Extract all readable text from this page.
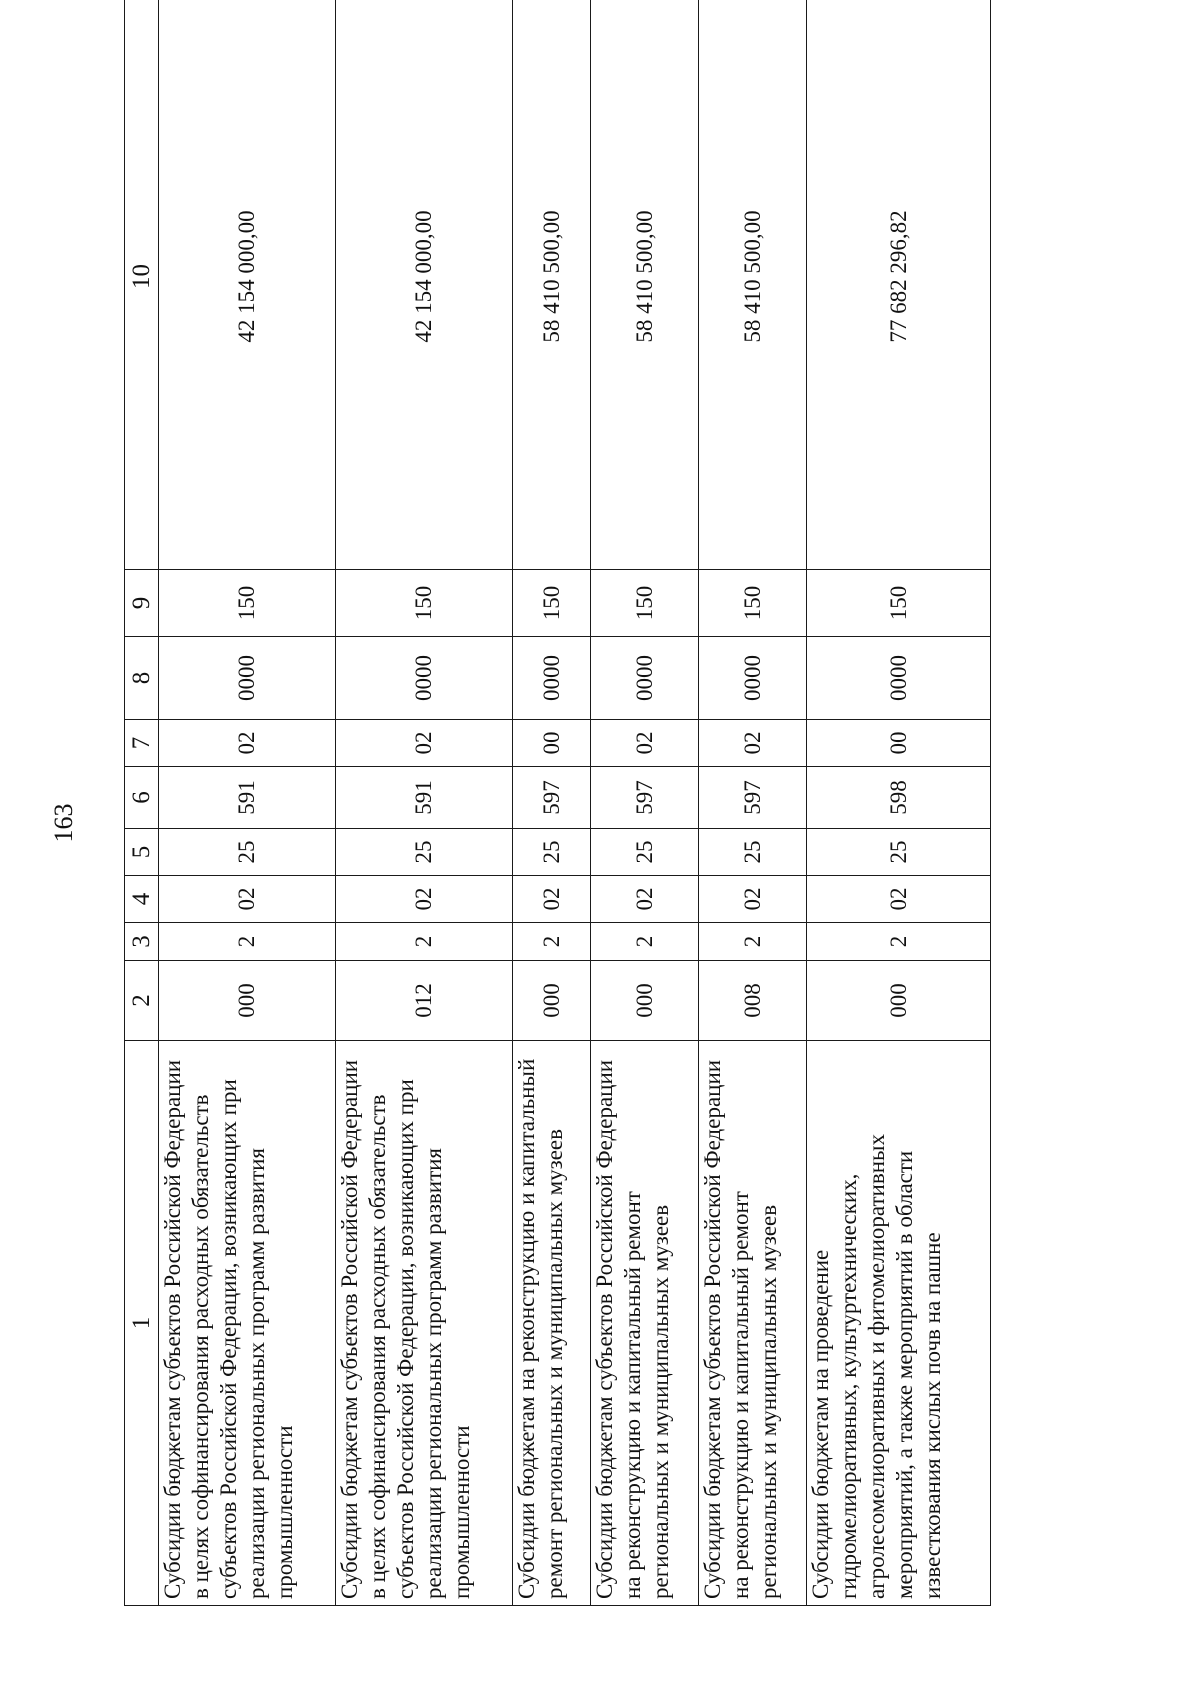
163
1	2	3	4	5	6	7	8	9	10
Субсидии бюджетам субъектов Российской Федерации в целях софинансирования расходных обязательств субъектов Российской Федерации, возникающих при реализации региональных программ развития промышленности	000	2	02	25	591	02	0000	150	42 154 000,00
Субсидии бюджетам субъектов Российской Федерации в целях софинансирования расходных обязательств субъектов Российской Федерации, возникающих при реализации региональных программ развития промышленности	012	2	02	25	591	02	0000	150	42 154 000,00
Субсидии бюджетам на реконструкцию и капитальный ремонт региональных и муниципальных музеев	000	2	02	25	597	00	0000	150	58 410 500,00
Субсидии бюджетам субъектов Российской Федерации на реконструкцию и капитальный ремонт региональных и муниципальных музеев	000	2	02	25	597	02	0000	150	58 410 500,00
Субсидии бюджетам субъектов Российской Федерации на реконструкцию и капитальный ремонт региональных и муниципальных музеев	008	2	02	25	597	02	0000	150	58 410 500,00
Субсидии бюджетам на проведение гидромелиоративных, культуртехнических, агролесомелиоративных и фитомелиоративных мероприятий, а также мероприятий в области известкования кислых почв на пашне	000	2	02	25	598	00	0000	150	77 682 296,82
